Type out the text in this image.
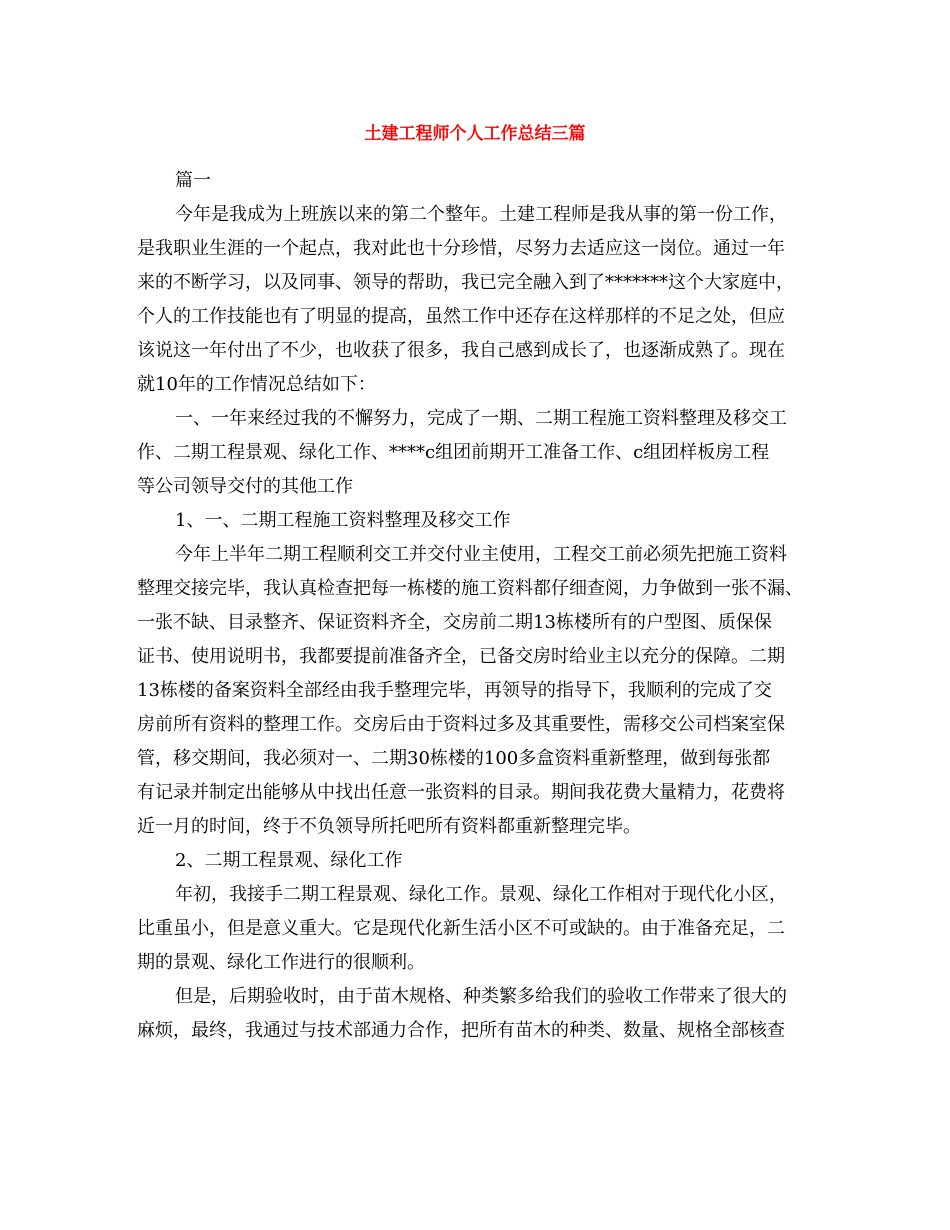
土建工程师个人工作总结三篇
篇一
今年是我成为上班族以来的第二个整年。土建工程师是我从事的第一份工作，
是我职业生涯的一个起点，我对此也十分珍惜，尽努力去适应这一岗位。通过一年
来的不断学习，以及同事、领导的帮助，我已完全融入到了*******这个大家庭中，
个人的工作技能也有了明显的提高，虽然工作中还存在这样那样的不足之处，但应
该说这一年付出了不少，也收获了很多，我自己感到成长了，也逐渐成熟了。现在
就10年的工作情况总结如下：
一、一年来经过我的不懈努力，完成了一期、二期工程施工资料整理及移交工
作、二期工程景观、绿化工作、****c组团前期开工准备工作、c组团样板房工程
等公司领导交付的其他工作
1、一、二期工程施工资料整理及移交工作
今年上半年二期工程顺利交工并交付业主使用，工程交工前必须先把施工资料
整理交接完毕，我认真检查把每一栋楼的施工资料都仔细查阅，力争做到一张不漏、
一张不缺、目录整齐、保证资料齐全，交房前二期13栋楼所有的户型图、质保保
证书、使用说明书，我都要提前准备齐全，已备交房时给业主以充分的保障。二期
13栋楼的备案资料全部经由我手整理完毕，再领导的指导下，我顺利的完成了交
房前所有资料的整理工作。交房后由于资料过多及其重要性，需移交公司档案室保
管，移交期间，我必须对一、二期30栋楼的100多盒资料重新整理，做到每张都
有记录并制定出能够从中找出任意一张资料的目录。期间我花费大量精力，花费将
近一月的时间，终于不负领导所托吧所有资料都重新整理完毕。
2、二期工程景观、绿化工作
年初，我接手二期工程景观、绿化工作。景观、绿化工作相对于现代化小区，
比重虽小，但是意义重大。它是现代化新生活小区不可或缺的。由于准备充足，二
期的景观、绿化工作进行的很顺利。
但是，后期验收时，由于苗木规格、种类繁多给我们的验收工作带来了很大的
麻烦，最终，我通过与技术部通力合作，把所有苗木的种类、数量、规格全部核查
